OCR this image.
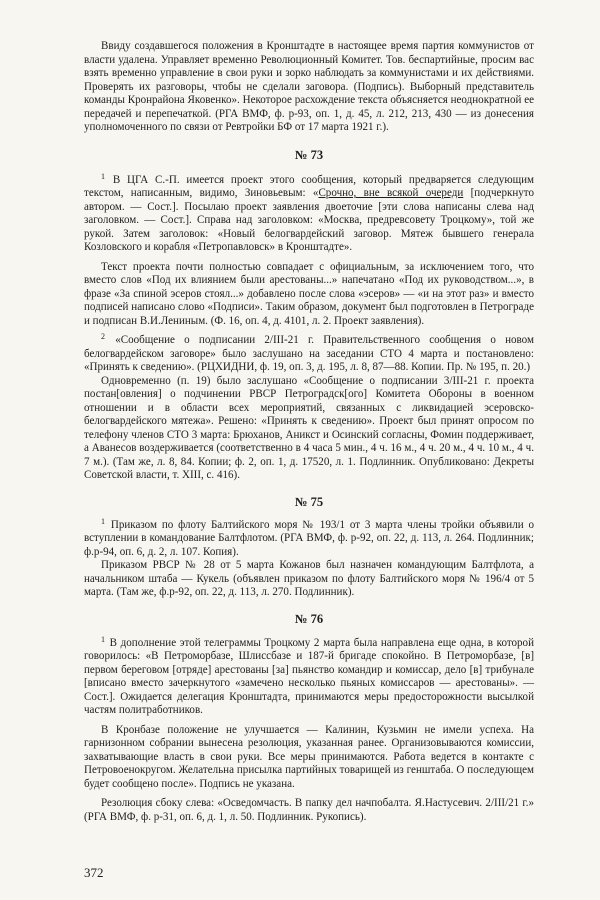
Ввиду создавшегося положения в Кронштадте в настоящее время партия коммунистов от власти удалена. Управляет временно Революционный Комитет. Тов. беспартийные, просим вас взять временно управление в свои руки и зорко наблюдать за коммунистами и их действиями. Проверять их разговоры, чтобы не сделали заговора. (Подпись). Выборный представитель команды Кронрайона Яковенко». Некоторое расхождение текста объясняется неоднократной ее передачей и перепечаткой. (РГА ВМФ, ф. р-93, оп. 1, д. 45, л. 212, 213, 430 — из донесения уполномоченного по связи от Ревтройки БФ от 17 марта 1921 г.).

№ 73

$^1$ В ЦГА С.-П. имеется проект этого сообщения, который предваряется следующим текстом, написанным, видимо, Зиновьевым: «Срочно, вне всякой очереди [подчеркнуто автором. — Сост.]. Посылаю проект заявления двоеточие [эти слова написаны слева над заголовком. — Сост.]. Справа над заголовком: «Москва, предревсовету Троцкому», той же рукой. Затем заголовок: «Новый белогвардейский заговор. Мятеж бывшего генерала Козловского и корабля «Петропавловск» в Кронштадте».

Текст проекта почти полностью совпадает с официальным, за исключением того, что вместо слов «Под их влиянием были арестованы...» напечатано «Под их руководством...», в фразе «За спиной эсеров стоял...» добавлено после слова «эсеров» — «и на этот раз» и вместо подписей написано слово «Подписи». Таким образом, документ был подготовлен в Петрограде и подписан В.И.Лениным. (Ф. 16, оп. 4, д. 4101, л. 2. Проект заявления).

$^2$ «Сообщение о подписании 2/III-21 г. Правительственного сообщения о новом белогвардейском заговоре» было заслушано на заседании СТО 4 марта и постановлено: «Принять к сведению». (РЦХИДНИ, ф. 19, оп. 3, д. 195, л. 8, 87—88. Копии. Пр. № 195, п. 20.)

Одновременно (п. 19) было заслушано «Сообщение о подписании 3/III-21 г. проекта постан[овления] о подчинении РВСР Петроградск[ого] Комитета Обороны в военном отношении и в области всех мероприятий, связанных с ликвидацией эсеровско-белогвардейского мятежа». Решено: «Принять к сведению». Проект был принят опросом по телефону членов СТО 3 марта: Брюханов, Аникст и Осинский согласны, Фомин поддерживает, а Аванесов воздерживается (соответственно в 4 часа 5 мин., 4 ч. 16 м., 4 ч. 20 м., 4 ч. 10 м., 4 ч. 7 м.). (Там же, л. 8, 84. Копии; ф. 2, оп. 1, д. 17520, л. 1. Подлинник. Опубликовано: Декреты Советской власти, т. XIII, с. 416).

№ 75

$^1$ Приказом по флоту Балтийского моря № 193/1 от 3 марта члены тройки объявили о вступлении в командование Балтфлотом. (РГА ВМФ, ф. р-92, оп. 22, д. 113, л. 264. Подлинник; ф.р-94, оп. 6, д. 2, л. 107. Копия).

Приказом РВСР № 28 от 5 марта Кожанов был назначен командующим Балтфлота, а начальником штаба — Кукель (объявлен приказом по флоту Балтийского моря № 196/4 от 5 марта. (Там же, ф.р-92, оп. 22, д. 113, л. 270. Подлинник).

№ 76

$^1$ В дополнение этой телеграммы Троцкому 2 марта была направлена еще одна, в которой говорилось: «В Петроморбазе, Шлиссбазе и 187-й бригаде спокойно. В Петроморбазе, [в] первом береговом [отряде] арестованы [за] пьянство командир и комиссар, дело [в] трибунале [вписано вместо зачеркнутого «замечено несколько пьяных комиссаров — арестованы». — Сост.]. Ожидается делегация Кронштадта, принимаются меры предосторожности высылкой частям политработников.

В Кронбазе положение не улучшается — Калинин, Кузьмин не имели успеха. На гарнизонном собрании вынесена резолюция, указанная ранее. Организовываются комиссии, захватывающие власть в свои руки. Все меры принимаются. Работа ведется в контакте с Петровоенокругом. Желательна присылка партийных товарищей из генштаба. О последующем будет сообщено после». Подпись не указана.

Резолюция сбоку слева: «Осведомчасть. В папку дел начпобалта. Я.Настусевич. 2/III/21 г.» (РГА ВМФ, ф. р-31, оп. 6, д. 1, л. 50. Подлинник. Рукопись).

372
